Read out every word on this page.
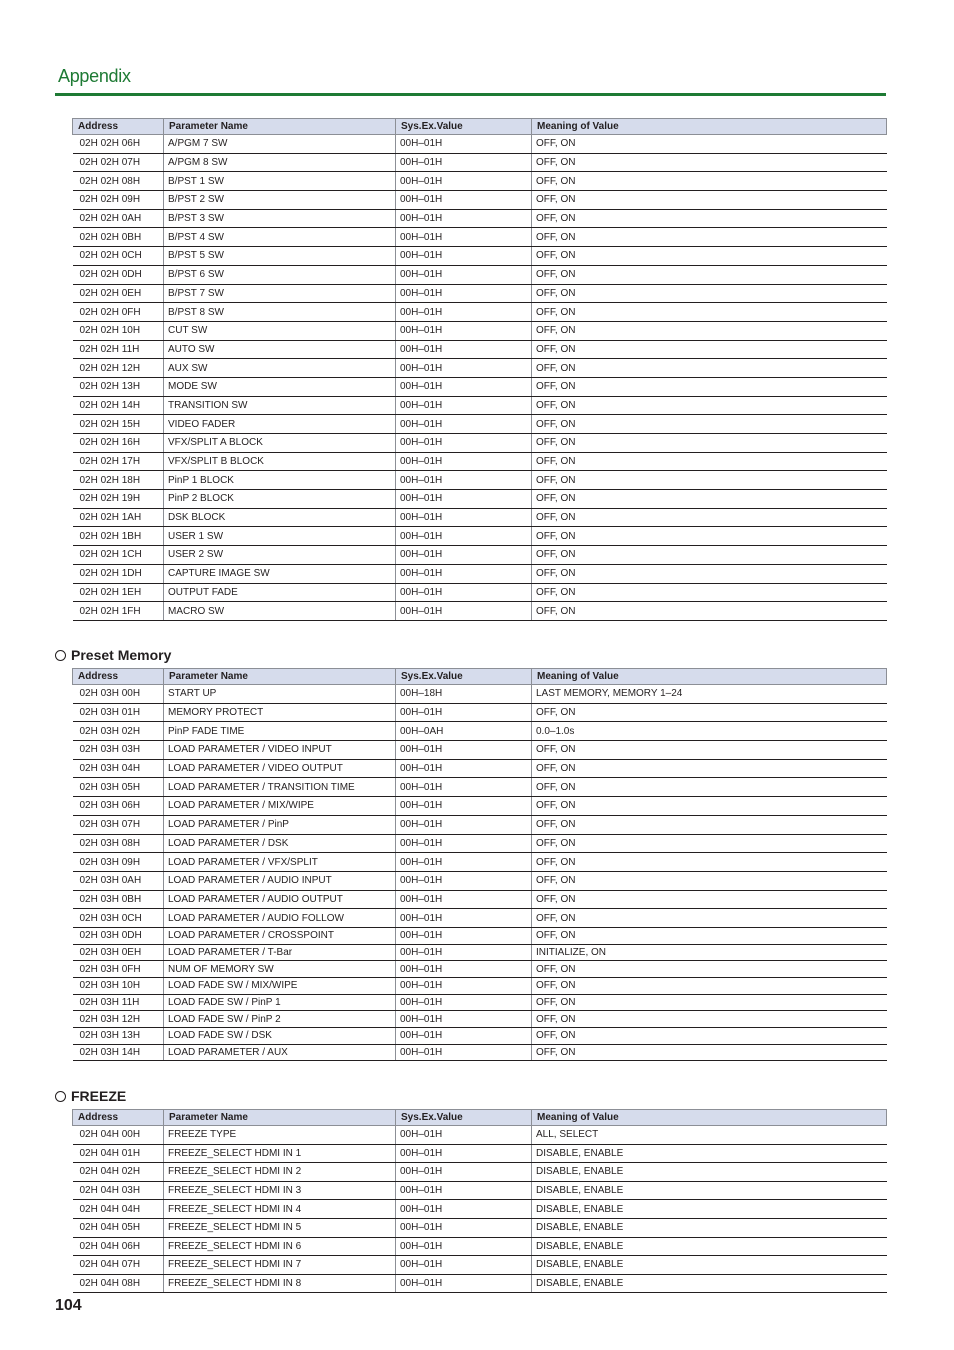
Appendix
Address	Parameter Name	Sys.Ex.Value	Meaning of Value
02H 02H 06H	A/PGM 7 SW	00H–01H	OFF, ON
02H 02H 07H	A/PGM 8 SW	00H–01H	OFF, ON
02H 02H 08H	B/PST 1 SW	00H–01H	OFF, ON
02H 02H 09H	B/PST 2 SW	00H–01H	OFF, ON
02H 02H 0AH	B/PST 3 SW	00H–01H	OFF, ON
02H 02H 0BH	B/PST 4 SW	00H–01H	OFF, ON
02H 02H 0CH	B/PST 5 SW	00H–01H	OFF, ON
02H 02H 0DH	B/PST 6 SW	00H–01H	OFF, ON
02H 02H 0EH	B/PST 7 SW	00H–01H	OFF, ON
02H 02H 0FH	B/PST 8 SW	00H–01H	OFF, ON
02H 02H 10H	CUT SW	00H–01H	OFF, ON
02H 02H 11H	AUTO SW	00H–01H	OFF, ON
02H 02H 12H	AUX SW	00H–01H	OFF, ON
02H 02H 13H	MODE SW	00H–01H	OFF, ON
02H 02H 14H	TRANSITION SW	00H–01H	OFF, ON
02H 02H 15H	VIDEO FADER	00H–01H	OFF, ON
02H 02H 16H	VFX/SPLIT A BLOCK	00H–01H	OFF, ON
02H 02H 17H	VFX/SPLIT B BLOCK	00H–01H	OFF, ON
02H 02H 18H	PinP 1 BLOCK	00H–01H	OFF, ON
02H 02H 19H	PinP 2 BLOCK	00H–01H	OFF, ON
02H 02H 1AH	DSK BLOCK	00H–01H	OFF, ON
02H 02H 1BH	USER 1 SW	00H–01H	OFF, ON
02H 02H 1CH	USER 2 SW	00H–01H	OFF, ON
02H 02H 1DH	CAPTURE IMAGE SW	00H–01H	OFF, ON
02H 02H 1EH	OUTPUT FADE	00H–01H	OFF, ON
02H 02H 1FH	MACRO SW	00H–01H	OFF, ON
Preset Memory
Address	Parameter Name	Sys.Ex.Value	Meaning of Value
02H 03H 00H	START UP	00H–18H	LAST MEMORY, MEMORY 1–24
02H 03H 01H	MEMORY PROTECT	00H–01H	OFF, ON
02H 03H 02H	PinP FADE TIME	00H–0AH	0.0–1.0s
02H 03H 03H	LOAD PARAMETER / VIDEO INPUT	00H–01H	OFF, ON
02H 03H 04H	LOAD PARAMETER / VIDEO OUTPUT	00H–01H	OFF, ON
02H 03H 05H	LOAD PARAMETER / TRANSITION TIME	00H–01H	OFF, ON
02H 03H 06H	LOAD PARAMETER / MIX/WIPE	00H–01H	OFF, ON
02H 03H 07H	LOAD PARAMETER / PinP	00H–01H	OFF, ON
02H 03H 08H	LOAD PARAMETER / DSK	00H–01H	OFF, ON
02H 03H 09H	LOAD PARAMETER / VFX/SPLIT	00H–01H	OFF, ON
02H 03H 0AH	LOAD PARAMETER / AUDIO INPUT	00H–01H	OFF, ON
02H 03H 0BH	LOAD PARAMETER / AUDIO OUTPUT	00H–01H	OFF, ON
02H 03H 0CH	LOAD PARAMETER / AUDIO FOLLOW	00H–01H	OFF, ON
02H 03H 0DH	LOAD PARAMETER / CROSSPOINT	00H–01H	OFF, ON
02H 03H 0EH	LOAD PARAMETER / T-Bar	00H–01H	INITIALIZE, ON
02H 03H 0FH	NUM OF MEMORY SW	00H–01H	OFF, ON
02H 03H 10H	LOAD FADE SW / MIX/WIPE	00H–01H	OFF, ON
02H 03H 11H	LOAD FADE SW / PinP 1	00H–01H	OFF, ON
02H 03H 12H	LOAD FADE SW / PinP 2	00H–01H	OFF, ON
02H 03H 13H	LOAD FADE SW / DSK	00H–01H	OFF, ON
02H 03H 14H	LOAD PARAMETER / AUX	00H–01H	OFF, ON
FREEZE
Address	Parameter Name	Sys.Ex.Value	Meaning of Value
02H 04H 00H	FREEZE TYPE	00H–01H	ALL, SELECT
02H 04H 01H	FREEZE_SELECT HDMI IN 1	00H–01H	DISABLE, ENABLE
02H 04H 02H	FREEZE_SELECT HDMI IN 2	00H–01H	DISABLE, ENABLE
02H 04H 03H	FREEZE_SELECT HDMI IN 3	00H–01H	DISABLE, ENABLE
02H 04H 04H	FREEZE_SELECT HDMI IN 4	00H–01H	DISABLE, ENABLE
02H 04H 05H	FREEZE_SELECT HDMI IN 5	00H–01H	DISABLE, ENABLE
02H 04H 06H	FREEZE_SELECT HDMI IN 6	00H–01H	DISABLE, ENABLE
02H 04H 07H	FREEZE_SELECT HDMI IN 7	00H–01H	DISABLE, ENABLE
02H 04H 08H	FREEZE_SELECT HDMI IN 8	00H–01H	DISABLE, ENABLE
104
